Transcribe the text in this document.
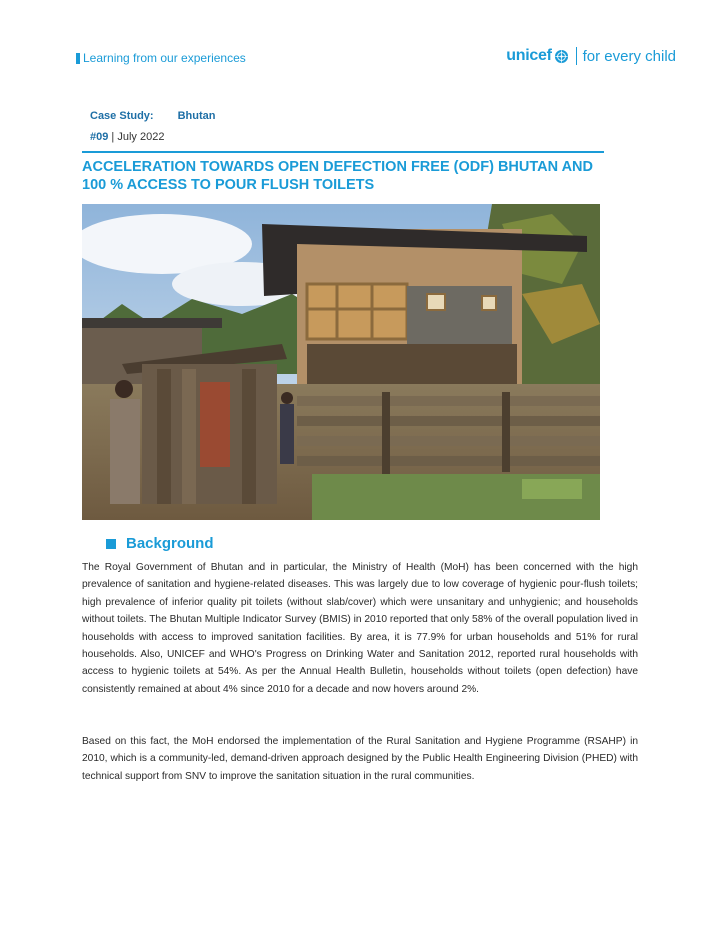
Learning from our experiences	unicef for every child
Case Study: Bhutan
#09 | July 2022
ACCELERATION TOWARDS OPEN DEFECTION FREE (ODF) BHUTAN AND
100 % ACCESS TO POUR FLUSH TOILETS
Background
The Royal Government of Bhutan and in particular, the Ministry of Health (MoH) has been concerned with the high prevalence of sanitation and hygiene-related diseases. This was largely due to low coverage of hygienic pour-flush toilets; high prevalence of inferior quality pit toilets (without slab/cover) which were unsanitary and unhygienic; and households without toilets. The Bhutan Multiple Indicator Survey (BMIS) in 2010 reported that only 58% of the overall population lived in households with access to improved sanitation facilities. By area, it is 77.9% for urban households and 51% for rural households. Also, UNICEF and WHO's Progress on Drinking Water and Sanitation 2012, reported rural households with access to hygienic toilets at 54%. As per the Annual Health Bulletin, households without toilets (open defection) have consistently remained at about 4% since 2010 for a decade and now hovers around 2%.
Based on this fact, the MoH endorsed the implementation of the Rural Sanitation and Hygiene Programme (RSAHP) in 2010, which is a community-led, demand-driven approach designed by the Public Health Engineering Division (PHED) with technical support from SNV to improve the sanitation situation in the rural communities.
